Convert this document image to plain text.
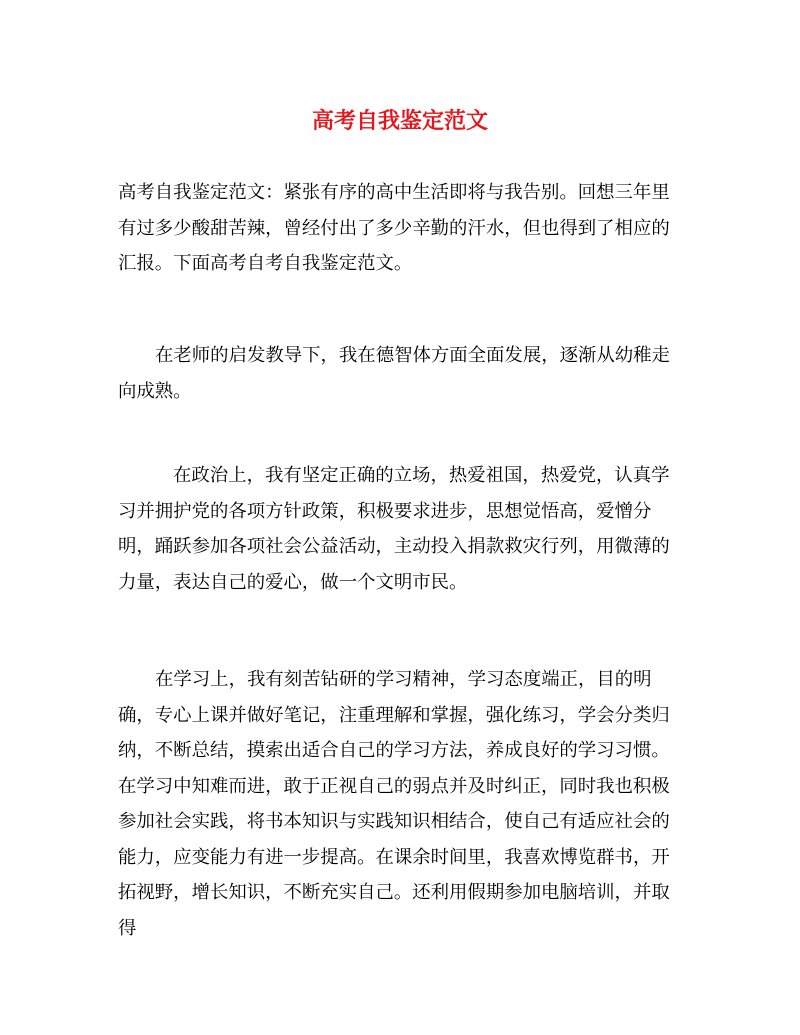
高考自我鉴定范文

高考自我鉴定范文：紧张有序的高中生活即将与我告别。回想三年里有过多少酸甜苦辣，曾经付出了多少辛勤的汗水，但也得到了相应的汇报。下面高考自考自我鉴定范文。

在老师的启发教导下，我在德智体方面全面发展，逐渐从幼稚走向成熟。

在政治上，我有坚定正确的立场，热爱祖国，热爱党，认真学习并拥护党的各项方针政策，积极要求进步，思想觉悟高，爱憎分明，踊跃参加各项社会公益活动，主动投入捐款救灾行列，用微薄的力量，表达自己的爱心，做一个文明市民。

在学习上，我有刻苦钻研的学习精神，学习态度端正，目的明确，专心上课并做好笔记，注重理解和掌握，强化练习，学会分类归纳，不断总结，摸索出适合自己的学习方法，养成良好的学习习惯。在学习中知难而进，敢于正视自己的弱点并及时纠正，同时我也积极参加社会实践，将书本知识与实践知识相结合，使自己有适应社会的能力，应变能力有进一步提高。在课余时间里，我喜欢博览群书，开拓视野，增长知识，不断充实自己。还利用假期参加电脑培训，并取得
